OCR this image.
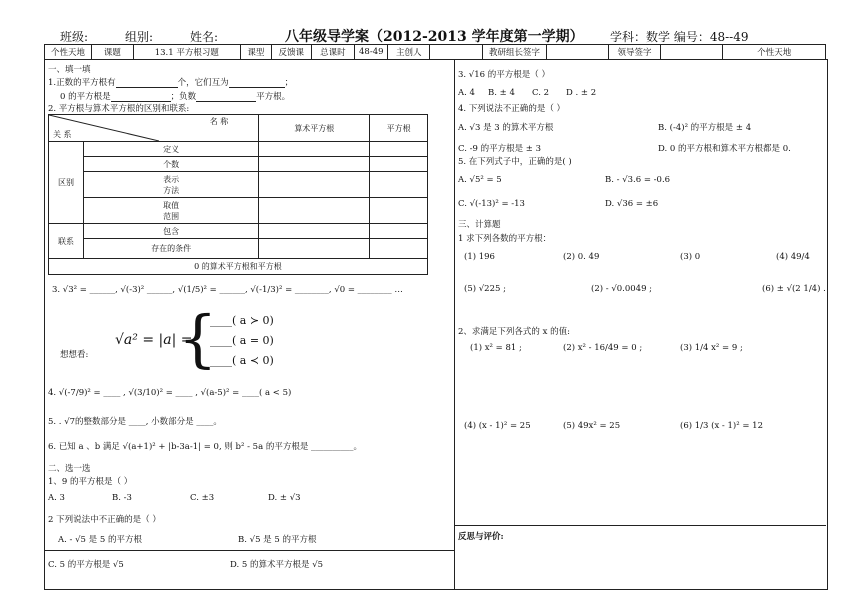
班级:	组别:	姓名:	八年级导学案（2012-2013 学年度第一学期） 学科：数学 编号：48--49
个性天地	课题	13.1 平方根习题	课型	反馈课	总课时	48-49	主创人		教研组长签字		领导签字		个性天地
一、填一填
1.正数的平方根有	个，它们互为	；
0 的平方根是	；负数	平方根。
2. 平方根与算术平方根的区别和联系:
名 称
关 系		算术平方根	平方根
区别	定义		
	个数		
	表示
方法		
	取值
范围		
联系	包含		
	存在的条件		
0 的算术平方根和平方根			
3. √3² = ______, √(-3)² ______, √(1/5)² = ______, √(-1/3)² = ________, √0 = ________ …
想想看:
√a² = |a| =
{
____( a ≻ 0)
____( a = 0)
____( a ≺ 0)
4. √(-7/9)² = ____ , √(3/10)² = ____ , √(a-5)² = ____( a < 5)
5. . √7的整数部分是 ____, 小数部分是 ____。
6. 已知 a 、b 满足 √(a+1)² + |b-3a-1| = 0, 则 b² - 5a 的平方根是 __________。
二、选一选
1、9 的平方根是（ ）
A. 3	B. -3	C. ±3	D. ± √3
2 下列说法中不正确的是（ ）
A. - √5 是 5 的平方根	B. √5 是 5 的平方根
C. 5 的平方根是 √5	D. 5 的算术平方根是 √5
3. √16 的平方根是（ ）
A. 4 B. ± 4 C. 2 D . ± 2
4. 下列说法不正确的是（ ）
A. √3 是 3 的算术平方根	B. (-4)² 的平方根是 ± 4
C. -9 的平方根是 ± 3	D. 0 的平方根和算术平方根都是 0.
5. 在下列式子中，正确的是( )
A. √5² = 5	B. - √3.6 = -0.6
C. √(-13)² = -13	D. √36 = ±6
三、计算题
1 求下列各数的平方根：
(1) 196	(2) 0. 49	(3) 0	(4) 49/4
(5) √225 ;	(2) - √0.0049 ;	(6) ± √(2 1/4) .
2、求满足下列各式的 x 的值:
(1) x² = 81 ;	(2) x² - 16/49 = 0 ;	(3) 1/4 x² = 9 ;
(4) (x - 1)² = 25	(5) 49x² = 25	(6) 1/3 (x - 1)² = 12
反思与评价:
